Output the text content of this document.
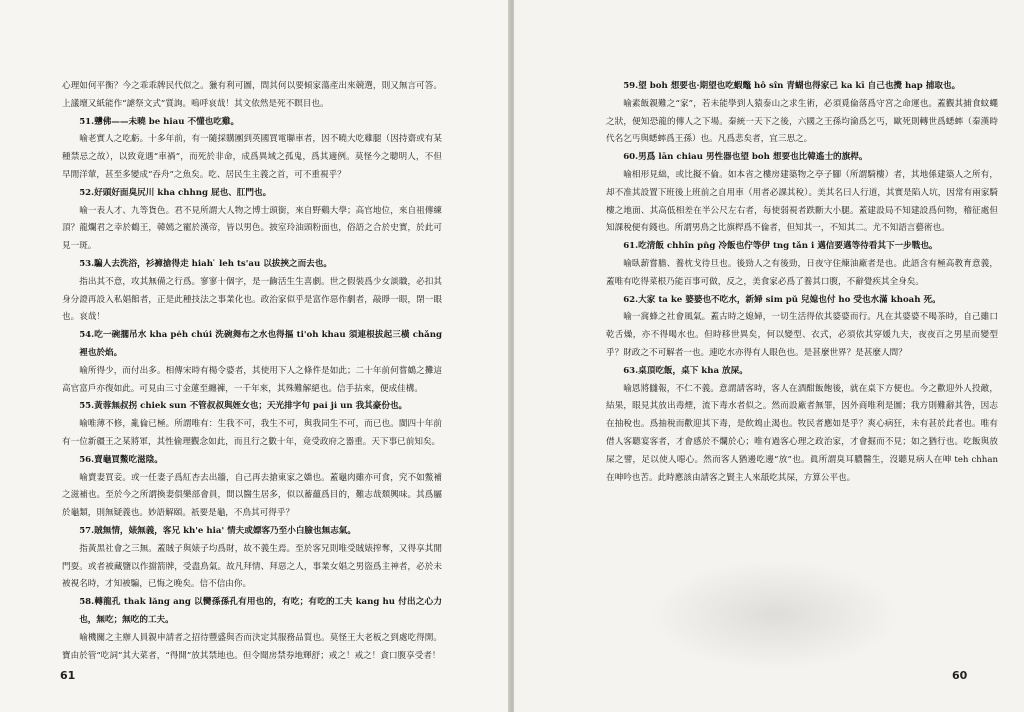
心理如何平衡？今之乖乖牌民代似之。獵有利可圖，間其何以要傾家蕩產出來競選，則又無言可答。上議壇又紙能作“謔祭文式”質詢。嗚呼哀哉！其文依然是死不瞑目也。

51.戇佛——未曉 be hiau 不懂也吃雞。

喻老實人之吃虧。十多年前，有一隨採購團到英國買電聯車者，因不曉大吃雞腿（因持齋或有某種禁忌之故），以致竟遇“車禍”，而死於非命，成爲異域之孤鬼，爲其適例。莫怪今之聰明人，不但早閒洋葷，甚至多變成“吞舟”之魚矣。吃、居民生主義之首，可不重視乎？

52.好頭好面臭尻川 kha chhng 屁也、肛門也。

喻一表人才、九等貨色。君不見所謂大人物之博士頭銜，來自野鷄大學；高官地位，來自祖傳練頂？龍爛君之幸於鶴王，韓嫣之寵於漢帝，皆以男色。披室玲油頭粉面也，俗語之合於史實，於此可見一斑。

53.騙人去洗浴，衫褲搶得走 hiah ̍ leh ts'au 以拔挾之而去也。

指出其不意，攻其無備之行爲。寥寥十個字，是一齣活生生喜劇。世之假裝爲少女談職，必扣其身分證再設入私娼館者，正是此種技法之事業化也。政治家似乎是富作惡作劇者，敲睜一眼，閉一眼也。哀哉！

54.吃一碗擱吊水 kha pe̍h chúi 洗碗舞布之水也得摳 ti'oh khau 須連根拔起三橫 chǎng 裡也於焰。

喻所得少，而付出多。相傳宋時有楊令婆者，其使用下人之條件是如此；二十年前何嘗鶴之攤這高官富戶亦復如此。可見由三寸金蓮至纏褲，一千年來，其殊難解絕也。信手拈來，便成佳構。

55.黃蓉無叔拐 chiek sun 不管叔叔與姪女也；天光排字句 pai̍ ji̍ un 我其豪份也。

喻唯薄不修，亂倫已極。所謂唯有：生我不可，我生不可，與我同生不可，而已也。閩四十年前有一位新疆王之某將軍，其性偷理觀念如此，而且行之數十年，竟受政府之器重。天下事已前知矣。

56.賣龜買鱉吃滋陰。

喻賣妻買妾。或一任妻子爲紅杏去出牆，自己再去搶東家之嬌也。蓋龜肉雖亦可食，究不如鱉補之滋補也。至於今之所謂換妻俱樂部會員，間以醫生居多，似以蓄蘊爲目的，難志哉頹興味。其爲屬於龜類，則無疑義也。妙語解頤。祇要是龜，不鳥其可得乎？

57.賊無情，婊無義，客兄 kh'e hia' 情夫或嫖客乃至小白臉也無志氣。

指黃黑社會之三無。蓋賊子與婊子均爲財，故不義生焉。至於客兄則唯受賊婊搾奪，又得享其閒門耍。或者被藏鹽以作擋箭牌，受盡鳥氣。故凡拜情、拜惡之人，事業女娼之男盜爲主神者，必於未被視名時，才知被騙，已悔之晚矣。信不信由你。

58.轉龍孔 thak lăng ang 以臠孫孫孔有用也的，有吃；有吃的工夫 kang hu 付出之心力也，無吃；無吃的工夫。

喻機關之主辦人員親申請者之招待豐盛與否而決定其服務品質也。莫怪王大老板之到處吃得開。寶由於管“吃詞”其大菜者，“得開”放其禁地也。但令聞房禁券地輝舒；戒之！戒之！貪口腹享受者！

61

59.望 boh 想要也·期望也吃蝦鼈 hô sîn 青蝴也得家己 ka kī 自己也攪 hap 捕取也。

喻素飯親難之“家”，若未能學到人猿泰山之求生術，必須覓倫落爲守宮之命運也。蓋觀其捕食蚊蠅之狀，便知恐龍的傳人之下場。秦統一天下之後，六國之王孫均淪爲乞丐，歐死則轉世爲蟋蟀（秦漢時代名乞丐與蟋蟀爲王孫）也。凡爲悲矣者，宜三思之。

60.男爲 lān chiau 男性器也望 boh 想要也比韓遙士的旗桿。

喻相形見絀，或比擬不倫。如本省之樓房建築物之亭子腳（所謂騎樓）者，其地係建築人之所有，却不准其設置下班後上班前之自用車（用者必課其稅）。美其名曰人行道，其實是陷人坑，因常有兩家騎樓之地面、其高低相差在半公尺左右者，每使弱視者跌斷大小腿。蓋建設局不知建設爲何物，稽征處但知課稅便有錢也。所謂男鳥之比旗桿爲不倫者，但知其一，不知其二。尤不知語言藝術也。

61.吃清飯 chhîn pn̄g 冷飯也佇等伊 tng tǎn i 邁信要邁等待看其下一步戰也。

喻臥薪嘗膽、養枕戈待旦也。後勁人之有後勁，日夜守住煉油廠者是也。此語含有極高教育意義，蓋唯有吃得菜根乃能百事可做，反之，美食家必爲了養其口腹，不辭覺疾其全身矣。

62.大家 ta ke 婆婆也不吃水，新婦 sim pǔ 兒媳也付 ho 受也水滿 khoah 死。

喻一窩蜂之社會風氣。蓋古時之媳婦，一切生活得依其婆婆而行。凡在其婆婆不喝茶時，自己雖口乾舌燥，亦不得喝水也。但時移世異矣，何以變型、衣式，必須依其穿媛九夫，夜夜百之男星而變型乎？財政之不可解者一也。連吃水亦得有人眼色也。是甚麼世界？是甚麼人間？

63.桌頂吃飯，桌下 kha 放屎。

喻恩將讎報，不仁不義。意謂請客時，客人在酒酣飯飽後，就在桌下方便也。今之歡迎外人投敵，結果，眼見其放出毒煙，流下毒水者似之。然而設廠者無罪，因外商唯利是圖；我方則難辭其咎，因志在抽稅也。爲抽稅而歡迎其下毒，是飲鴆止渴也。牧民者應如是乎？爽心病狂，未有甚於此者也。唯有借人客聽宴客者，才會感於不爛於心；唯有過客心理之政治家，才會掘而不見；如之猶行也。吃飯與放屎之譬，足以使人噁心。然而客人猶邊吃邊“放”也。眞所謂臭耳膿醫生，沒聽見病人在呻 teh chhan 在呻吟也苦。此時應該由請客之賢主人來舐吃其屎，方算公平也。

60
